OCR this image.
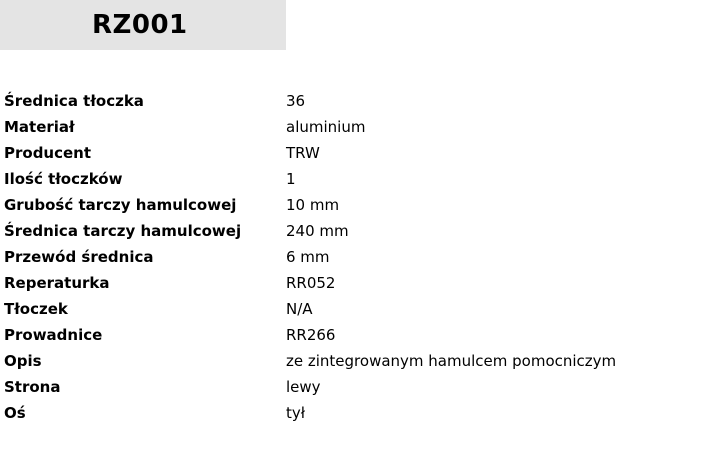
RZ001
Średnica tłoczka	36
Materiał	aluminium
Producent	TRW
Ilość tłoczków	1
Grubość tarczy hamulcowej	10 mm
Średnica tarczy hamulcowej	240 mm
Przewód średnica	6 mm
Reperaturka	RR052
Tłoczek	N/A
Prowadnice	RR266
Opis	ze zintegrowanym hamulcem pomocniczym
Strona	lewy
Oś	tył
